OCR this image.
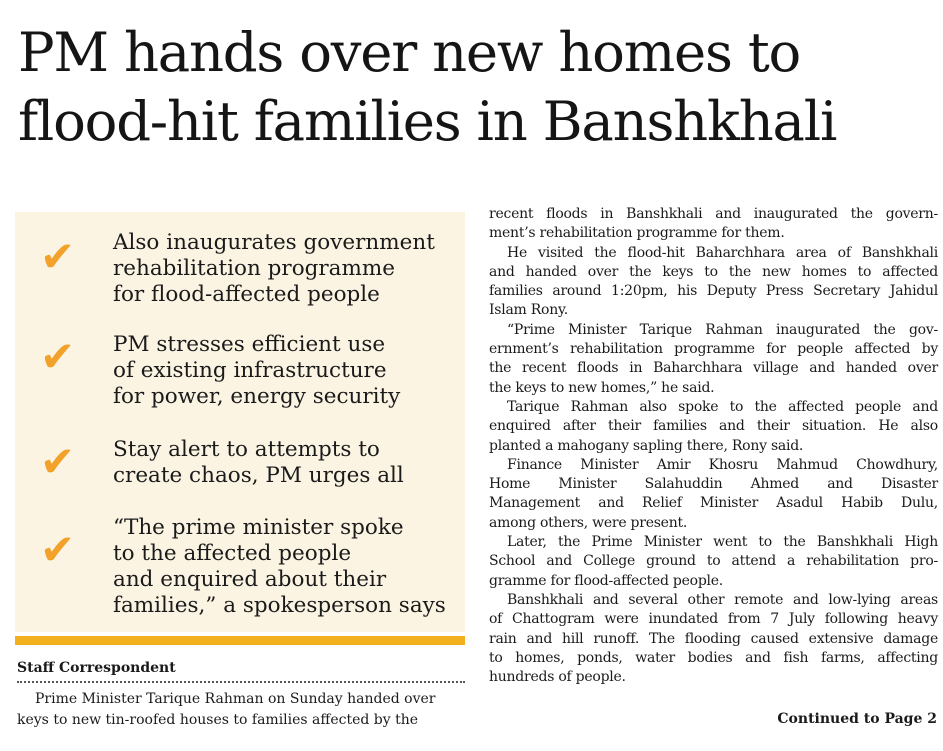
PM hands over new homes to
flood-hit families in Banshkhali
✔ Also inaugurates government
rehabilitation programme
for flood-affected people
✔ PM stresses efficient use
of existing infrastructure
for power, energy security
✔ Stay alert to attempts to
create chaos, PM urges all
✔ “The prime minister spoke
to the affected people
and enquired about their
families,” a spokesperson says
Staff Correspondent
Prime Minister Tarique Rahman on Sunday handed over
keys to new tin-roofed houses to families affected by the
recent floods in Banshkhali and inaugurated the govern-
ment’s rehabilitation programme for them.
He visited the flood-hit Baharchhara area of Banshkhali
and handed over the keys to the new homes to affected
families around 1:20pm, his Deputy Press Secretary Jahidul
Islam Rony.
“Prime Minister Tarique Rahman inaugurated the gov-
ernment’s rehabilitation programme for people affected by
the recent floods in Baharchhara village and handed over
the keys to new homes,” he said.
Tarique Rahman also spoke to the affected people and
enquired after their families and their situation. He also
planted a mahogany sapling there, Rony said.
Finance Minister Amir Khosru Mahmud Chowdhury,
Home Minister Salahuddin Ahmed and Disaster
Management and Relief Minister Asadul Habib Dulu,
among others, were present.
Later, the Prime Minister went to the Banshkhali High
School and College ground to attend a rehabilitation pro-
gramme for flood-affected people.
Banshkhali and several other remote and low-lying areas
of Chattogram were inundated from 7 July following heavy
rain and hill runoff. The flooding caused extensive damage
to homes, ponds, water bodies and fish farms, affecting
hundreds of people.
Continued to Page 2
